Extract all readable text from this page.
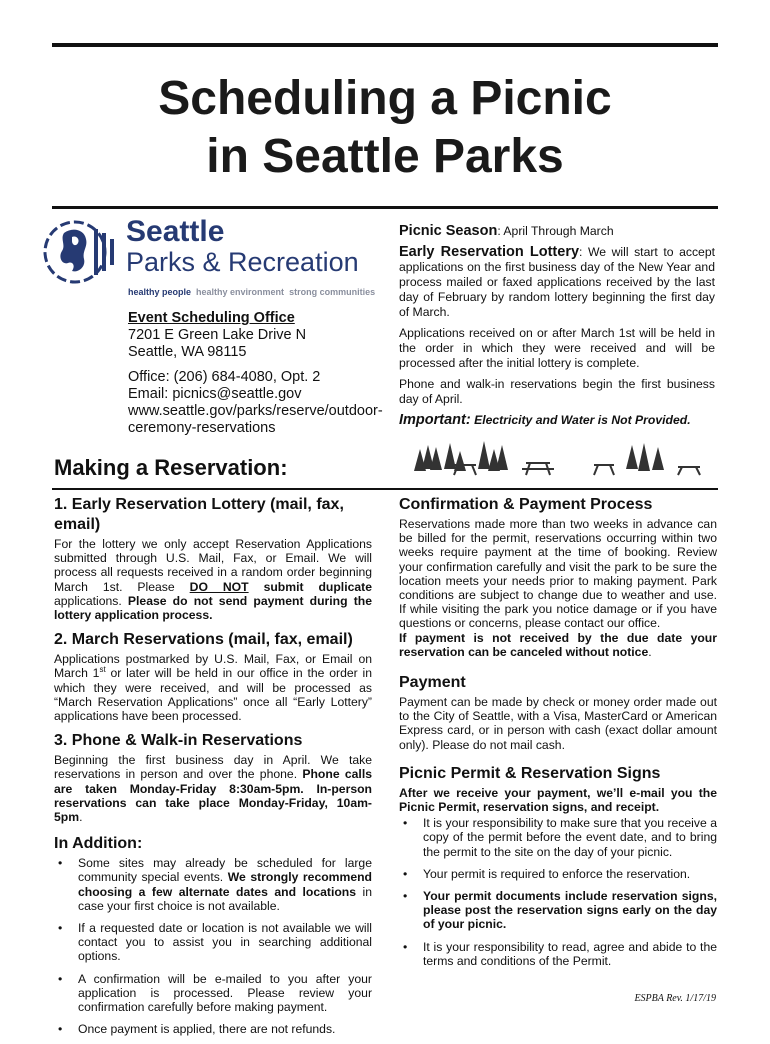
Scheduling a Picnic
in Seattle Parks
Seattle
Parks & Recreation
healthy people healthy environment strong communities
Event Scheduling Office
7201 E Green Lake Drive N
Seattle, WA 98115
Office: (206) 684-4080, Opt. 2
Email: picnics@seattle.gov
www.seattle.gov/parks/reserve/outdoor-
ceremony-reservations

Picnic Season: April Through March

Early Reservation Lottery: We will start to accept applications on the first business day of the New Year and process mailed or faxed applications received by the last day of February by random lottery beginning the first day of March.

Applications received on or after March 1st will be held in the order in which they were received and will be processed after the initial lottery is complete.

Phone and walk-in reservations begin the first business day of April.

Important: Electricity and Water is Not Provided.

Making a Reservation:
1. Early Reservation Lottery (mail, fax, email)

For the lottery we only accept Reservation Applications submitted through U.S. Mail, Fax, or Email. We will process all requests received in a random order beginning March 1st. Please DO NOT submit duplicate applications. Please do not send payment during the lottery application process.

2. March Reservations (mail, fax, email)

Applications postmarked by U.S. Mail, Fax, or Email on March 1st or later will be held in our office in the order in which they were received, and will be processed as “March Reservation Applications” once all “Early Lottery” applications have been processed.

3. Phone & Walk-in Reservations

Beginning the first business day in April. We take reservations in person and over the phone. Phone calls are taken Monday-Friday 8:30am-5pm. In-person reservations can take place Monday-Friday, 10am-5pm.

In Addition:
• Some sites may already be scheduled for large community special events. We strongly recommend choosing a few alternate dates and locations in case your first choice is not available.
• If a requested date or location is not available we will contact you to assist you in searching additional options.
• A confirmation will be e-mailed to you after your application is processed. Please review your confirmation carefully before making payment.
• Once payment is applied, there are not refunds.
Confirmation & Payment Process

Reservations made more than two weeks in advance can be billed for the permit, reservations occurring within two weeks require payment at the time of booking. Review your confirmation carefully and visit the park to be sure the location meets your needs prior to making payment. Park conditions are subject to change due to weather and use. If while visiting the park you notice damage or if you have questions or concerns, please contact our office.

If payment is not received by the due date your reservation can be canceled without notice.

Payment

Payment can be made by check or money order made out to the City of Seattle, with a Visa, MasterCard or American Express card, or in person with cash (exact dollar amount only). Please do not mail cash.

Picnic Permit & Reservation Signs

After we receive your payment, we’ll e-mail you the Picnic Permit, reservation signs, and receipt.

• It is your responsibility to make sure that you receive a copy of the permit before the event date, and to bring the permit to the site on the day of your picnic.
• Your permit is required to enforce the reservation.
• Your permit documents include reservation signs, please post the reservation signs early on the day of your picnic.
• It is your responsibility to read, agree and abide to the terms and conditions of the Permit.
ESPBA Rev. 1/17/19
